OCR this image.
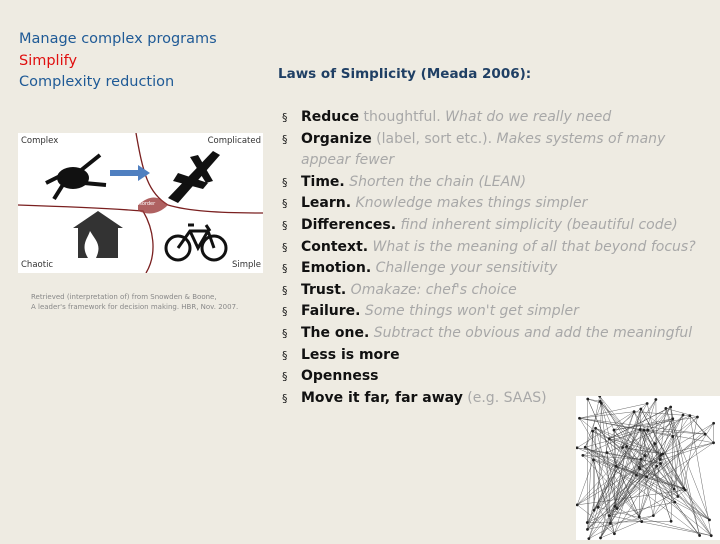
Manage complex programs
Simplify
Complexity reduction	Laws of Simplicity (Meada 2006):
Complex	Complicated
Chaotic	Simple
Disorder
Retrieved (interpretation of) from Snowden & Boone,
A leader's framework for decision making. HBR, Nov. 2007.
§ Reduce thoughtful. What do we really need
§ Organize (label, sort etc.). Makes systems of many appear fewer
§ Time. Shorten the chain (LEAN)
§ Learn. Knowledge makes things simpler
§ Differences. find inherent simplicity (beautiful code)
§ Context. What is the meaning of all that beyond focus?
§ Emotion. Challenge your sensitivity
§ Trust. Omakaze: chef's choice
§ Failure. Some things won't get simpler
§ The one. Subtract the obvious and add the meaningful
§ Less is more
§ Openness
§ Move it far, far away (e.g. SAAS)
